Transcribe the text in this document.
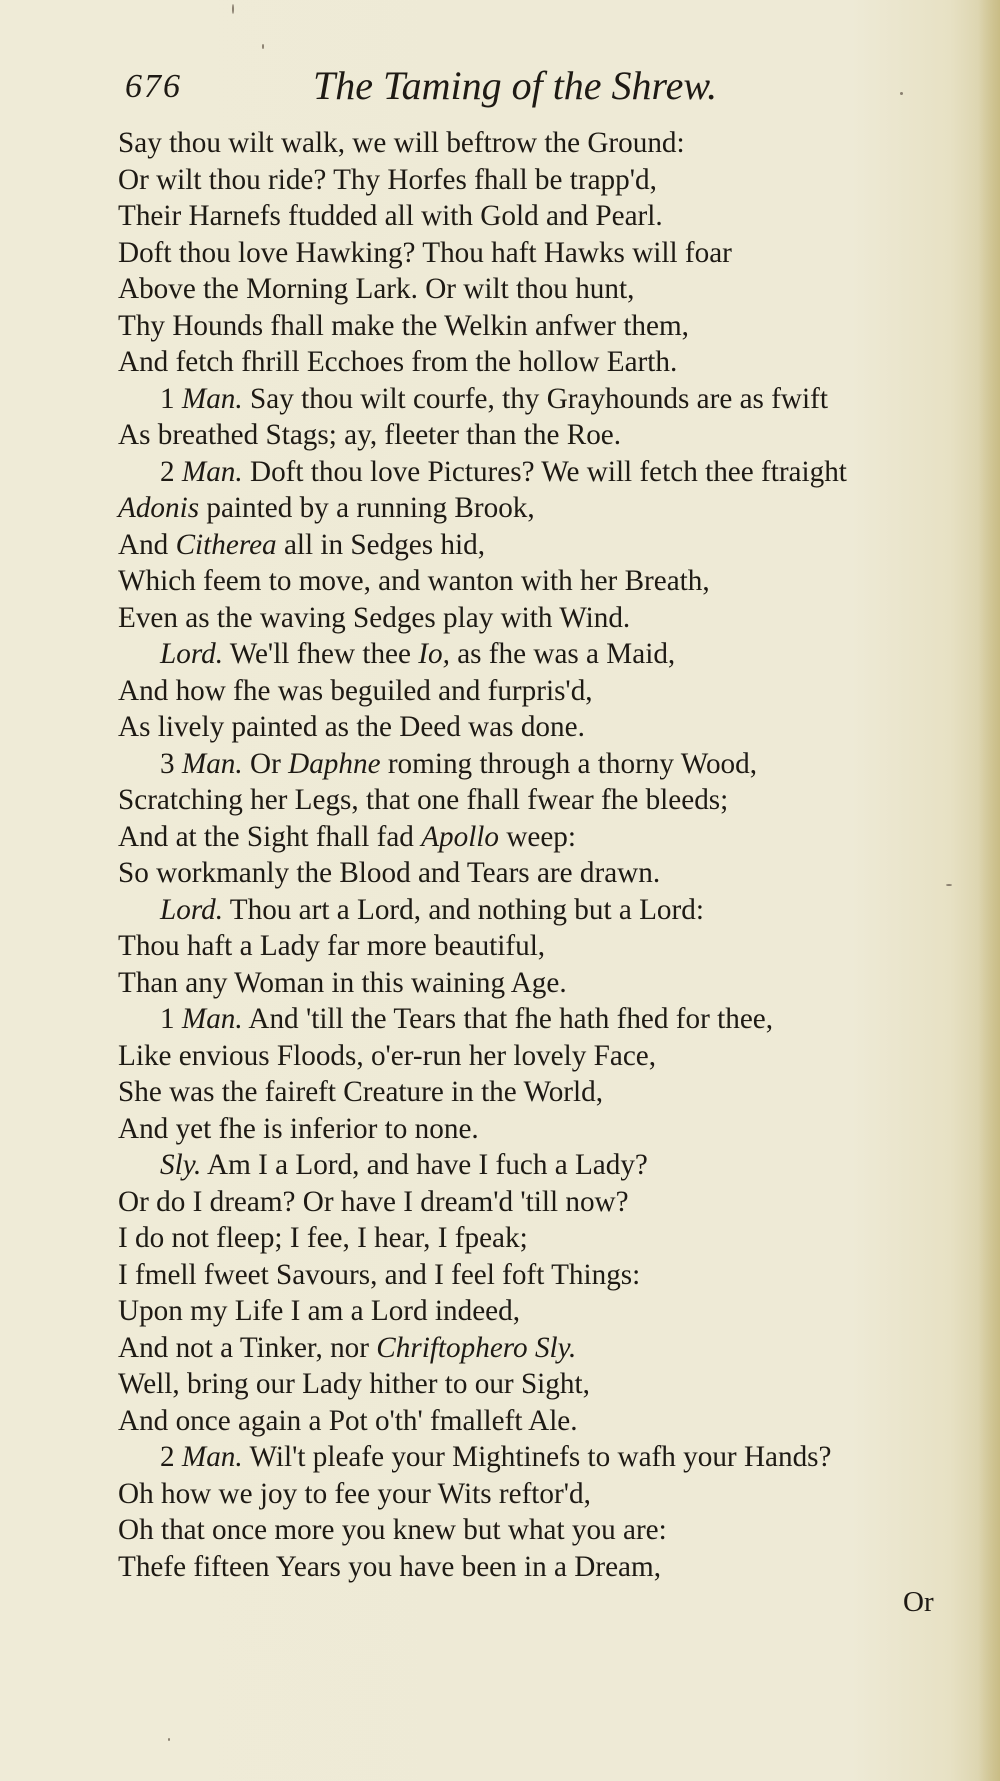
676	The Taming of the Shrew.
Say thou wilt walk, we will beftrow the Ground:
Or wilt thou ride? Thy Horfes fhall be trapp'd,
Their Harnefs ftudded all with Gold and Pearl.
Doft thou love Hawking? Thou haft Hawks will foar
Above the Morning Lark. Or wilt thou hunt,
Thy Hounds fhall make the Welkin anfwer them,
And fetch fhrill Ecchoes from the hollow Earth.
1 Man. Say thou wilt courfe, thy Grayhounds are as fwift
As breathed Stags; ay, fleeter than the Roe.
2 Man. Doft thou love Pictures? We will fetch thee ftraight
Adonis painted by a running Brook,
And Citherea all in Sedges hid,
Which feem to move, and wanton with her Breath,
Even as the waving Sedges play with Wind.
Lord. We'll fhew thee Io, as fhe was a Maid,
And how fhe was beguiled and furpris'd,
As lively painted as the Deed was done.
3 Man. Or Daphne roming through a thorny Wood,
Scratching her Legs, that one fhall fwear fhe bleeds;
And at the Sight fhall fad Apollo weep:
So workmanly the Blood and Tears are drawn.
Lord. Thou art a Lord, and nothing but a Lord:
Thou haft a Lady far more beautiful,
Than any Woman in this waining Age.
1 Man. And 'till the Tears that fhe hath fhed for thee,
Like envious Floods, o'er-run her lovely Face,
She was the faireft Creature in the World,
And yet fhe is inferior to none.
Sly. Am I a Lord, and have I fuch a Lady?
Or do I dream? Or have I dream'd 'till now?
I do not fleep; I fee, I hear, I fpeak;
I fmell fweet Savours, and I feel foft Things:
Upon my Life I am a Lord indeed,
And not a Tinker, nor Chriftophero Sly.
Well, bring our Lady hither to our Sight,
And once again a Pot o'th' fmalleft Ale.
2 Man. Wil't pleafe your Mightinefs to wafh your Hands?
Oh how we joy to fee your Wits reftor'd,
Oh that once more you knew but what you are:
Thefe fifteen Years you have been in a Dream,
Or
